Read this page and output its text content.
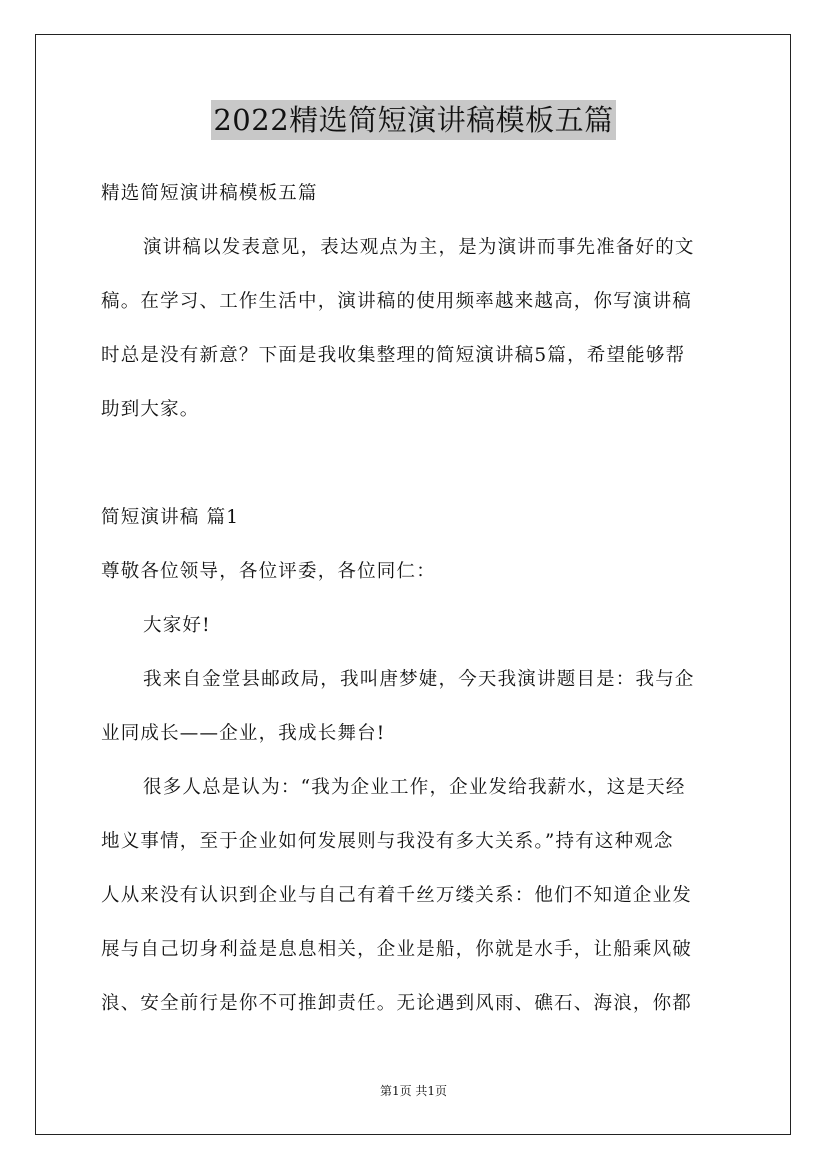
2022精选简短演讲稿模板五篇
精选简短演讲稿模板五篇
演讲稿以发表意见，表达观点为主，是为演讲而事先准备好的文
稿。在学习、工作生活中，演讲稿的使用频率越来越高，你写演讲稿
时总是没有新意？下面是我收集整理的简短演讲稿5篇，希望能够帮
助到大家。
简短演讲稿 篇1
尊敬各位领导，各位评委，各位同仁：
大家好!
我来自金堂县邮政局，我叫唐梦婕，今天我演讲题目是：我与企
业同成长——企业，我成长舞台!
很多人总是认为：“我为企业工作，企业发给我薪水，这是天经
地义事情，至于企业如何发展则与我没有多大关系。”持有这种观念
人从来没有认识到企业与自己有着千丝万缕关系：他们不知道企业发
展与自己切身利益是息息相关，企业是船，你就是水手，让船乘风破
浪、安全前行是你不可推卸责任。无论遇到风雨、礁石、海浪，你都
第1页 共1页
